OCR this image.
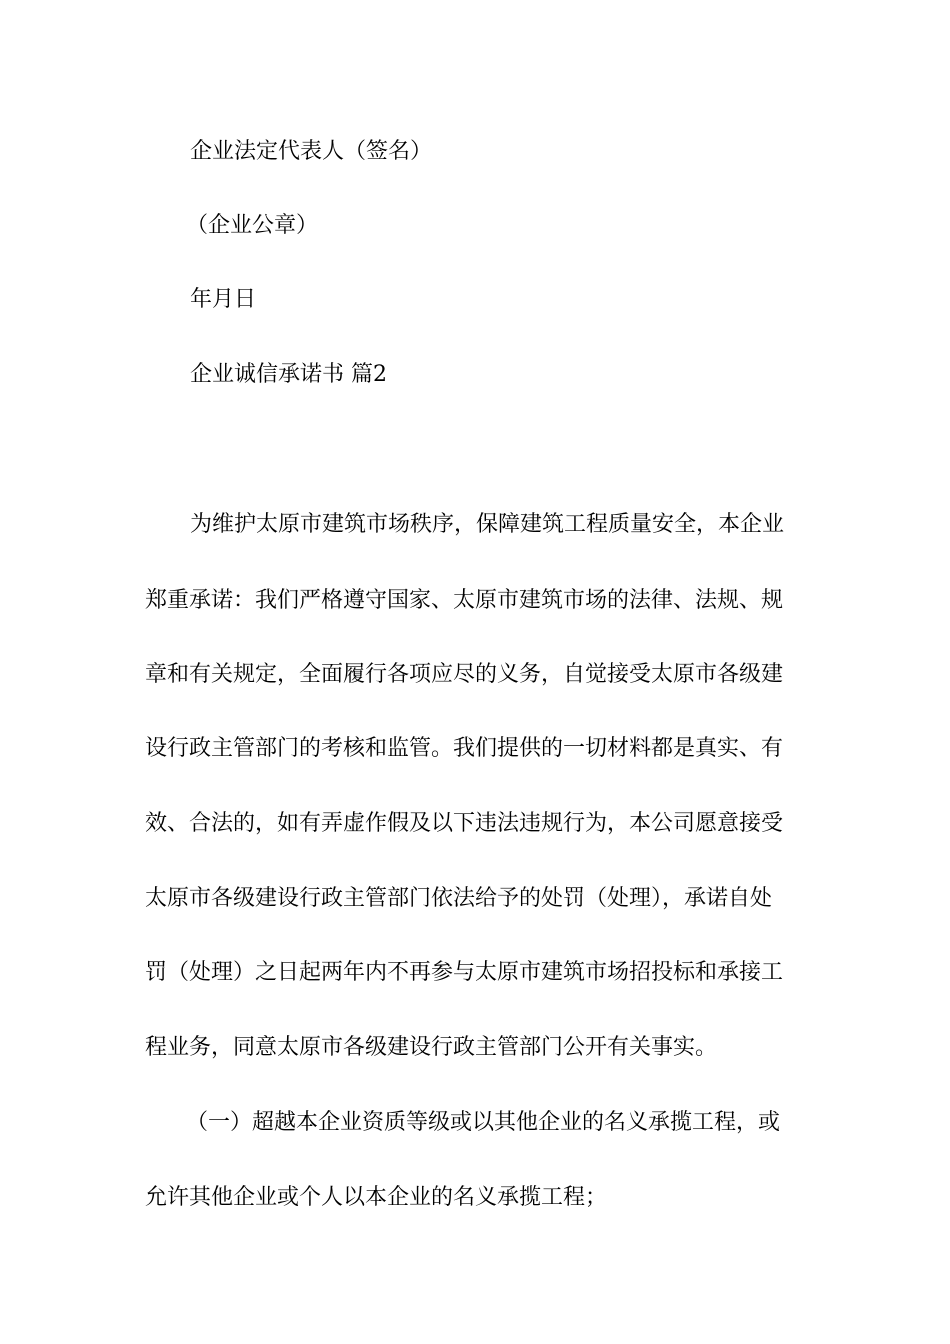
企业法定代表人（签名）
（企业公章）
年月日
企业诚信承诺书 篇2
为维护太原市建筑市场秩序，保障建筑工程质量安全，本企业
郑重承诺：我们严格遵守国家、太原市建筑市场的法律、法规、规
章和有关规定，全面履行各项应尽的义务，自觉接受太原市各级建
设行政主管部门的考核和监管。我们提供的一切材料都是真实、有
效、合法的，如有弄虚作假及以下违法违规行为，本公司愿意接受
太原市各级建设行政主管部门依法给予的处罚（处理），承诺自处
罚（处理）之日起两年内不再参与太原市建筑市场招投标和承接工
程业务，同意太原市各级建设行政主管部门公开有关事实。
（一）超越本企业资质等级或以其他企业的名义承揽工程，或
允许其他企业或个人以本企业的名义承揽工程；
